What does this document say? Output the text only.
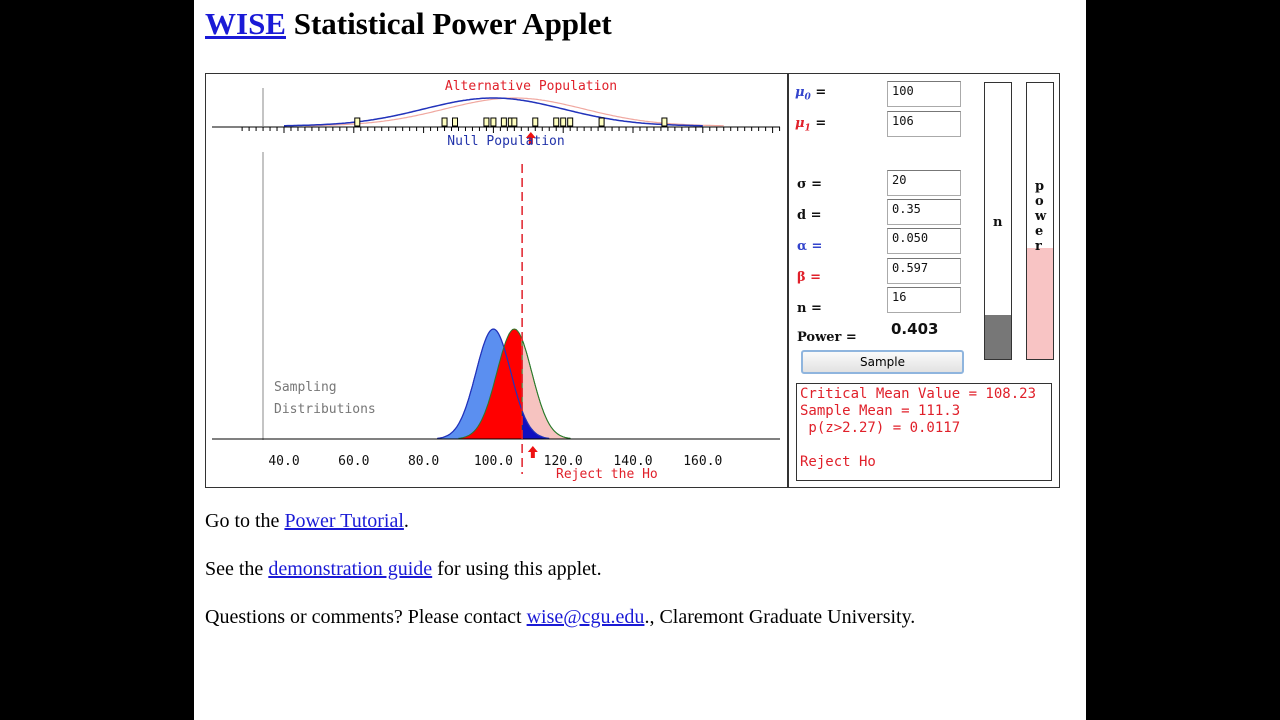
WISE Statistical Power Applet
40.0	60.0	80.0	100.0 120.0 140.0 160.0
Alternative Population
Null Population
Sampling
Distributions
Reject the Ho
$\mu_0$ =	100
$\mu_1$ =	106
σ =	20
d =	0.35
α =
0.050
β =
0.597
n =
16
Power = 0.403
n
power
Sample
Critical Mean Value = 108.23
Sample Mean = 111.3
p(z>2.27) = 0.0117
Reject Ho
Go to the Power Tutorial.
See the demonstration guide for using this applet.
Questions or comments? Please contact wise@cgu.edu., Claremont Graduate University.
